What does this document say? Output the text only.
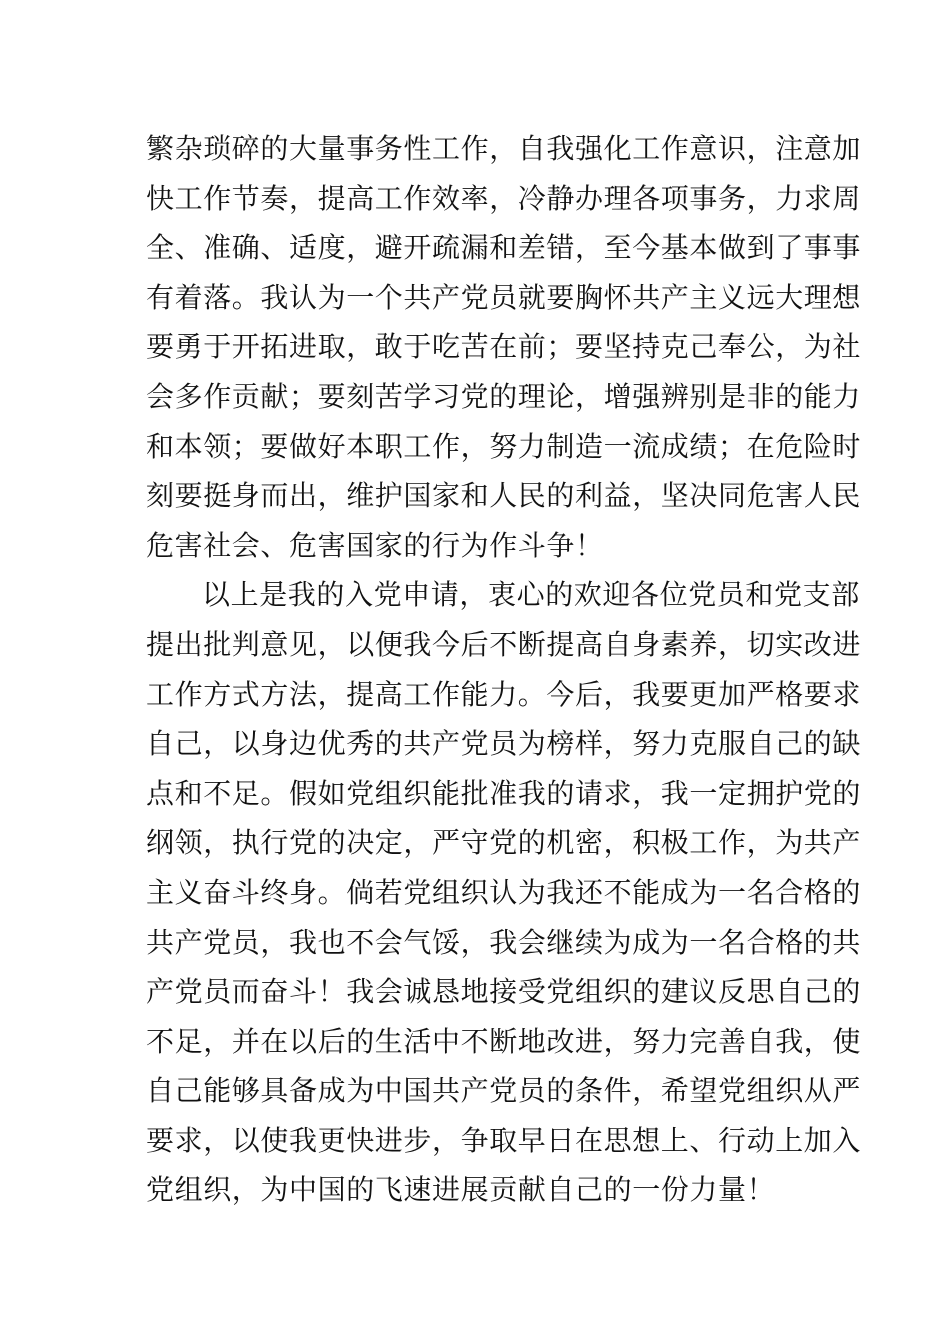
繁杂琐碎的大量事务性工作，自我强化工作意识，注意加
快工作节奏，提高工作效率，冷静办理各项事务，力求周
全、准确、适度，避开疏漏和差错，至今基本做到了事事
有着落。我认为一个共产党员就要胸怀共产主义远大理想
要勇于开拓进取，敢于吃苦在前；要坚持克己奉公，为社
会多作贡献；要刻苦学习党的理论，增强辨别是非的能力
和本领；要做好本职工作，努力制造一流成绩；在危险时
刻要挺身而出，维护国家和人民的利益，坚决同危害人民
危害社会、危害国家的行为作斗争！
以上是我的入党申请，衷心的欢迎各位党员和党支部
提出批判意见，以便我今后不断提高自身素养，切实改进
工作方式方法，提高工作能力。今后，我要更加严格要求
自己，以身边优秀的共产党员为榜样，努力克服自己的缺
点和不足。假如党组织能批准我的请求，我一定拥护党的
纲领，执行党的决定，严守党的机密，积极工作，为共产
主义奋斗终身。倘若党组织认为我还不能成为一名合格的
共产党员，我也不会气馁，我会继续为成为一名合格的共
产党员而奋斗！我会诚恳地接受党组织的建议反思自己的
不足，并在以后的生活中不断地改进，努力完善自我，使
自己能够具备成为中国共产党员的条件，希望党组织从严
要求，以使我更快进步，争取早日在思想上、行动上加入
党组织，为中国的飞速进展贡献自己的一份力量！
